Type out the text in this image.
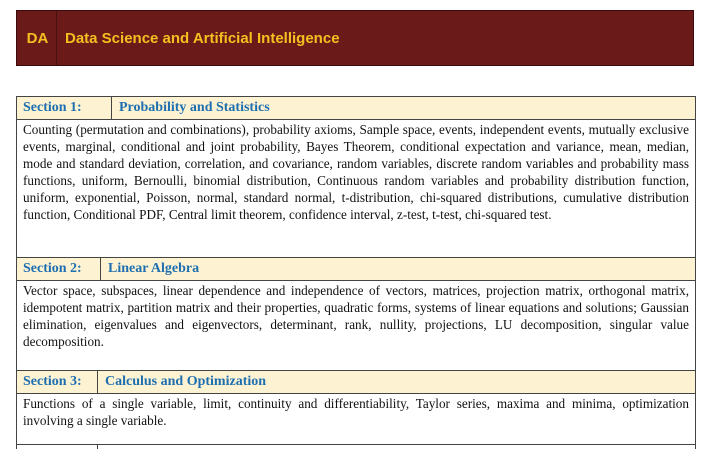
DA	Data Science and Artificial Intelligence
Section 1:	Probability and Statistics
Counting (permutation and combinations), probability axioms, Sample space, events, independent events, mutually exclusive events, marginal, conditional and joint probability, Bayes Theorem, conditional expectation and variance, mean, median, mode and standard deviation, correlation, and covariance, random variables, discrete random variables and probability mass functions, uniform, Bernoulli, binomial distribution, Continuous random variables and probability distribution function, uniform, exponential, Poisson, normal, standard normal, t-distribution, chi-squared distributions, cumulative distribution function, Conditional PDF, Central limit theorem, confidence interval, z-test, t-test, chi-squared test.
Section 2:	Linear Algebra
Vector space, subspaces, linear dependence and independence of vectors, matrices, projection matrix, orthogonal matrix, idempotent matrix, partition matrix and their properties, quadratic forms, systems of linear equations and solutions; Gaussian elimination, eigenvalues and eigenvectors, determinant, rank, nullity, projections, LU decomposition, singular value decomposition.
Section 3:	Calculus and Optimization
Functions of a single variable, limit, continuity and differentiability, Taylor series, maxima and minima, optimization involving a single variable.
